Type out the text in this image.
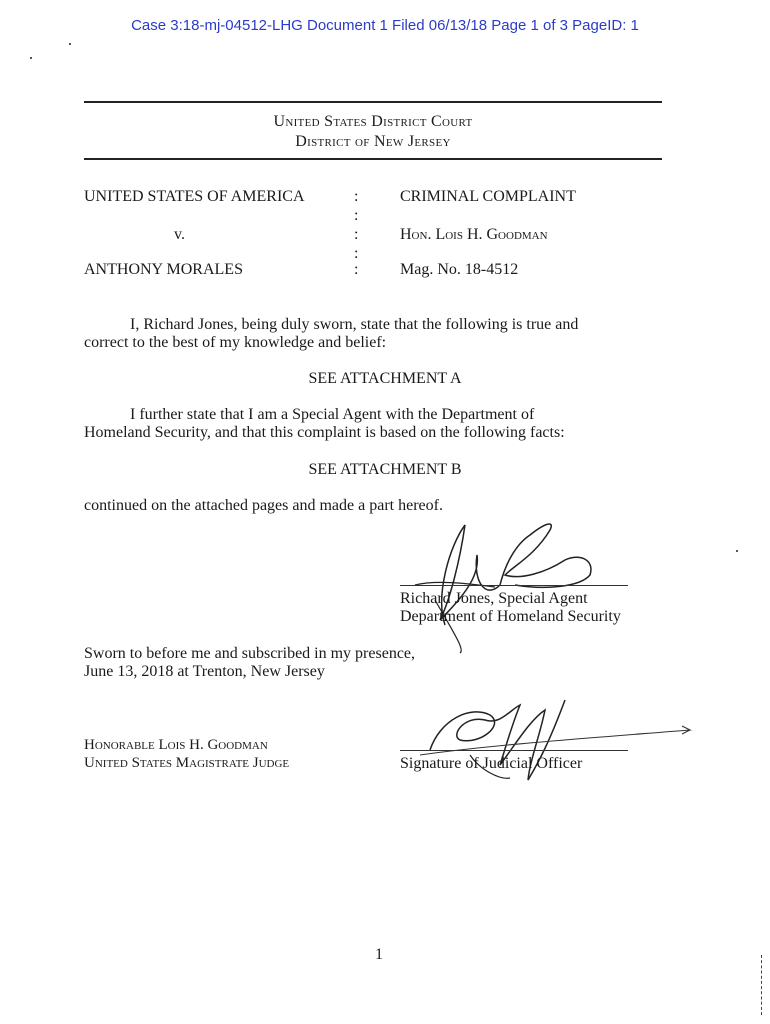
Case 3:18-mj-04512-LHG Document 1 Filed 06/13/18 Page 1 of 3 PageID: 1
United States District Court
District of New Jersey
UNITED STATES OF AMERICA
v.
ANTHONY MORALES
:
:
:
:
:
CRIMINAL COMPLAINT
Hon. Lois H. Goodman
Mag. No. 18-4512
I, Richard Jones, being duly sworn, state that the following is true and
correct to the best of my knowledge and belief:
SEE ATTACHMENT A
I further state that I am a Special Agent with the Department of
Homeland Security, and that this complaint is based on the following facts:
SEE ATTACHMENT B
continued on the attached pages and made a part hereof.
Richard Jones, Special Agent
Department of Homeland Security
Sworn to before me and subscribed in my presence,
June 13, 2018 at Trenton, New Jersey
Honorable Lois H. Goodman
United States Magistrate Judge	Signature of Judicial Officer
1
